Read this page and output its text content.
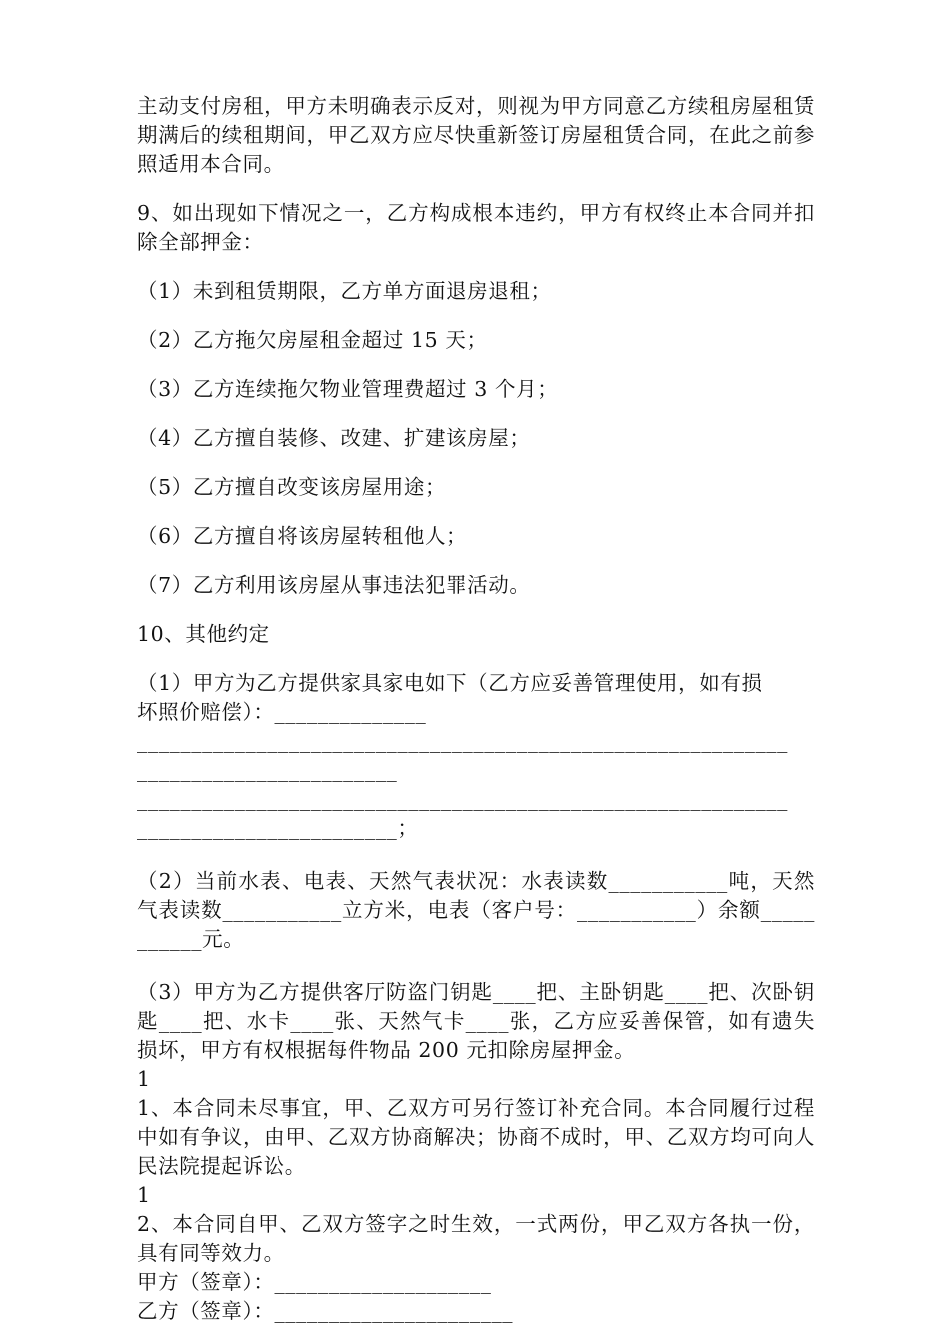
主动支付房租，甲方未明确表示反对，则视为甲方同意乙方续租房屋租赁期满后的续租期间，甲乙双方应尽快重新签订房屋租赁合同，在此之前参照适用本合同。

9、如出现如下情况之一，乙方构成根本违约，甲方有权终止本合同并扣除全部押金：

（1）未到租赁期限，乙方单方面退房退租；

（2）乙方拖欠房屋租金超过 15 天；

（3）乙方连续拖欠物业管理费超过 3 个月；

（4）乙方擅自装修、改建、扩建该房屋；

（5）乙方擅自改变该房屋用途；

（6）乙方擅自将该房屋转租他人；

（7）乙方利用该房屋从事违法犯罪活动。

10、其他约定

（1）甲方为乙方提供家具家电如下（乙方应妥善管理使用，如有损
坏照价赔偿）：______________
____________________________________________________________
________________________
____________________________________________________________
________________________；

（2）当前水表、电表、天然气表状况：水表读数___________吨，天然气表读数___________立方米，电表（客户号：___________）余额___________元。

（3）甲方为乙方提供客厅防盗门钥匙____把、主卧钥匙____把、次卧钥匙____把、水卡____张、天然气卡____张，乙方应妥善保管，如有遗失损坏，甲方有权根据每件物品 200 元扣除房屋押金。

1

1、本合同未尽事宜，甲、乙双方可另行签订补充合同。本合同履行过程中如有争议，由甲、乙双方协商解决；协商不成时，甲、乙双方均可向人民法院提起诉讼。

1

2、本合同自甲、乙双方签字之时生效，一式两份，甲乙双方各执一份，具有同等效力。

甲方（签章）：____________________

乙方（签章）：______________________
